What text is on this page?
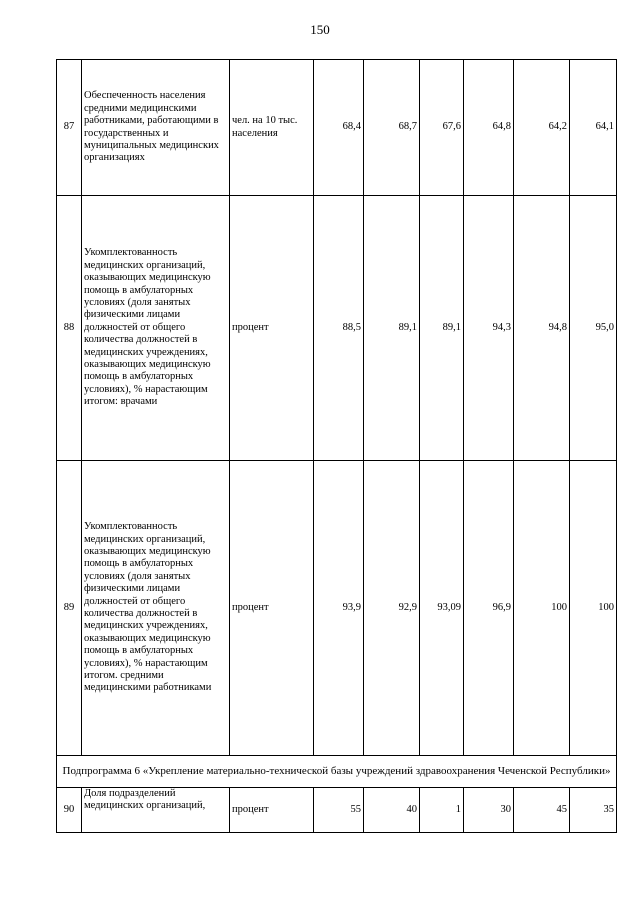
150
87	Обеспеченность населения средними медицинскими работниками, работающими в государственных и муниципальных медицинских организациях	чел. на 10 тыс. населения	68,4	68,7	67,6	64,8	64,2	64,1
88	Укомплектованность медицинских организаций, оказывающих медицинскую помощь в амбулаторных условиях (доля занятых физическими лицами должностей от общего количества должностей в медицинских учреждениях, оказывающих медицинскую помощь в амбулаторных условиях), % нарастающим итогом: врачами	процент	88,5	89,1	89,1	94,3	94,8	95,0
89	Укомплектованность медицинских организаций, оказывающих медицинскую помощь в амбулаторных условиях (доля занятых физическими лицами должностей от общего количества должностей в медицинских учреждениях, оказывающих медицинскую помощь в амбулаторных условиях), % нарастающим итогом. средними медицинскими работниками	процент	93,9	92,9	93,09	96,9	100	100
Подпрограмма 6 «Укрепление материально-технической базы учреждений здравоохранения Чеченской Республики»								
90	Доля подразделений медицинских организаций,	процент	55	40	1	30	45	35
